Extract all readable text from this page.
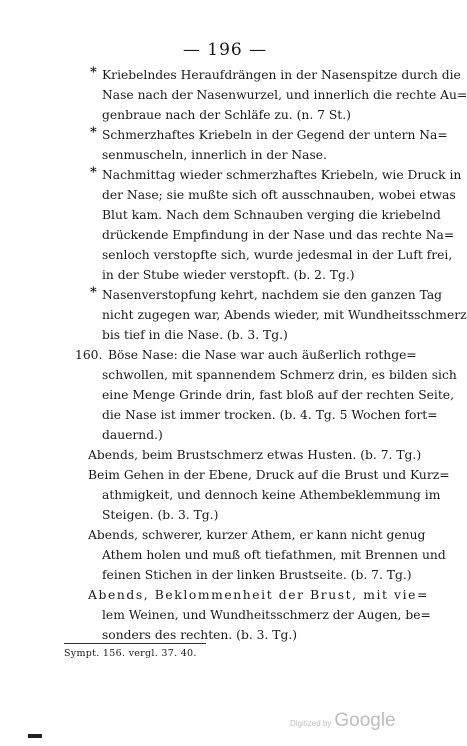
— 196 —
*
*
*
*
160.
Kriebelndes Heraufdrängen in der Nasenspitze durch die
Nase nach der Nasenwurzel, und innerlich die rechte Au=
genbraue nach der Schläfe zu. (n. 7 St.)
Schmerzhaftes Kriebeln in der Gegend der untern Na=
senmuscheln, innerlich in der Nase.
Nachmittag wieder schmerzhaftes Kriebeln, wie Druck in
der Nase; sie mußte sich oft ausschnauben, wobei etwas
Blut kam. Nach dem Schnauben verging die kriebelnd
drückende Empfindung in der Nase und das rechte Na=
senloch verstopfte sich, wurde jedesmal in der Luft frei,
in der Stube wieder verstopft. (b. 2. Tg.)
Nasenverstopfung kehrt, nachdem sie den ganzen Tag
nicht zugegen war, Abends wieder, mit Wundheitsschmerz
bis tief in die Nase. (b. 3. Tg.)
Böse Nase: die Nase war auch äußerlich rothge=
schwollen, mit spannendem Schmerz drin, es bilden sich
eine Menge Grinde drin, fast bloß auf der rechten Seite,
die Nase ist immer trocken. (b. 4. Tg. 5 Wochen fort=
dauernd.)
Abends, beim Brustschmerz etwas Husten. (b. 7. Tg.)
Beim Gehen in der Ebene, Druck auf die Brust und Kurz=
athmigkeit, und dennoch keine Athembeklemmung im
Steigen. (b. 3. Tg.)
Abends, schwerer, kurzer Athem, er kann nicht genug
Athem holen und muß oft tiefathmen, mit Brennen und
feinen Stichen in der linken Brustseite. (b. 7. Tg.)
Abends, Beklommenheit der Brust, mit vie=
lem Weinen, und Wundheitsschmerz der Augen, be=
sonders des rechten. (b. 3. Tg.)
Sympt. 156. vergl. 37. 40.
Digitized by Google
